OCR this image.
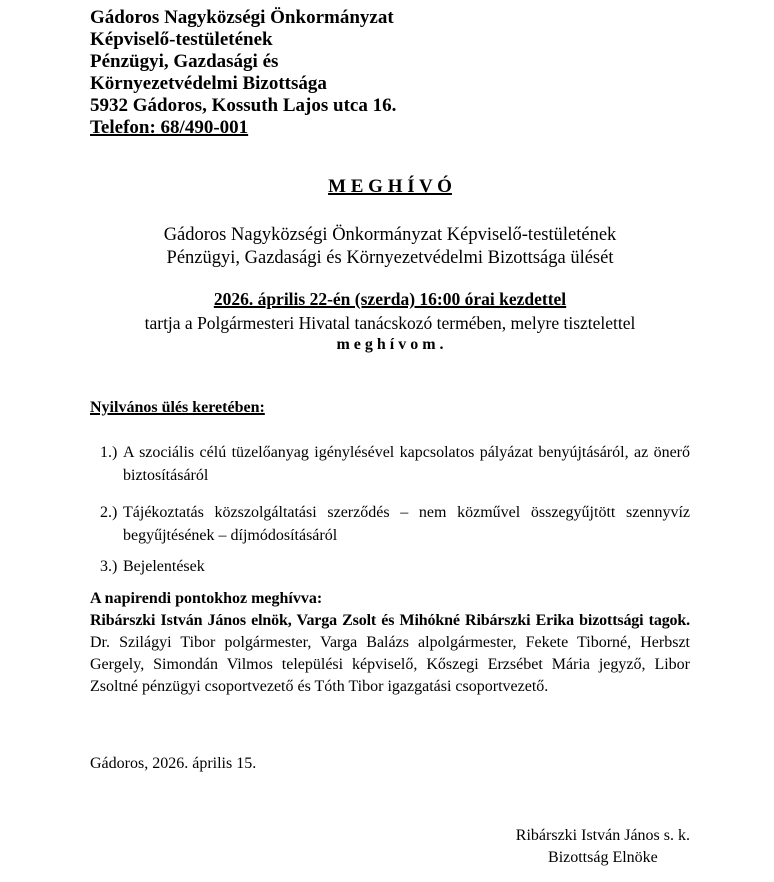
Gádoros Nagyközségi Önkormányzat
Képviselő-testületének
Pénzügyi, Gazdasági és
Környezetvédelmi Bizottsága
5932 Gádoros, Kossuth Lajos utca 16.
Telefon: 68/490-001
M E G H Í V Ó
Gádoros Nagyközségi Önkormányzat Képviselő-testületének
Pénzügyi, Gazdasági és Környezetvédelmi Bizottsága ülését
2026. április 22-én (szerda) 16:00 órai kezdettel
tartja a Polgármesteri Hivatal tanácskozó termében, melyre tisztelettel
m e g h í v o m .
Nyilvános ülés keretében:
1.) A szociális célú tüzelőanyag igénylésével kapcsolatos pályázat benyújtásáról, az önerő biztosításáról
2.) Tájékoztatás közszolgáltatási szerződés – nem közművel összegyűjtött szennyvíz begyűjtésének – díjmódosításáról
3.) Bejelentések
A napirendi pontokhoz meghívva:
Ribárszki István János elnök, Varga Zsolt és Mihókné Ribárszki Erika bizottsági tagok.
Dr. Szilágyi Tibor polgármester, Varga Balázs alpolgármester, Fekete Tiborné, Herbszt Gergely, Simondán Vilmos települési képviselő, Kőszegi Erzsébet Mária jegyző, Libor Zsoltné pénzügyi csoportvezető és Tóth Tibor igazgatási csoportvezető.
Gádoros, 2026. április 15.
Ribárszki István János s. k.
Bizottság Elnöke
